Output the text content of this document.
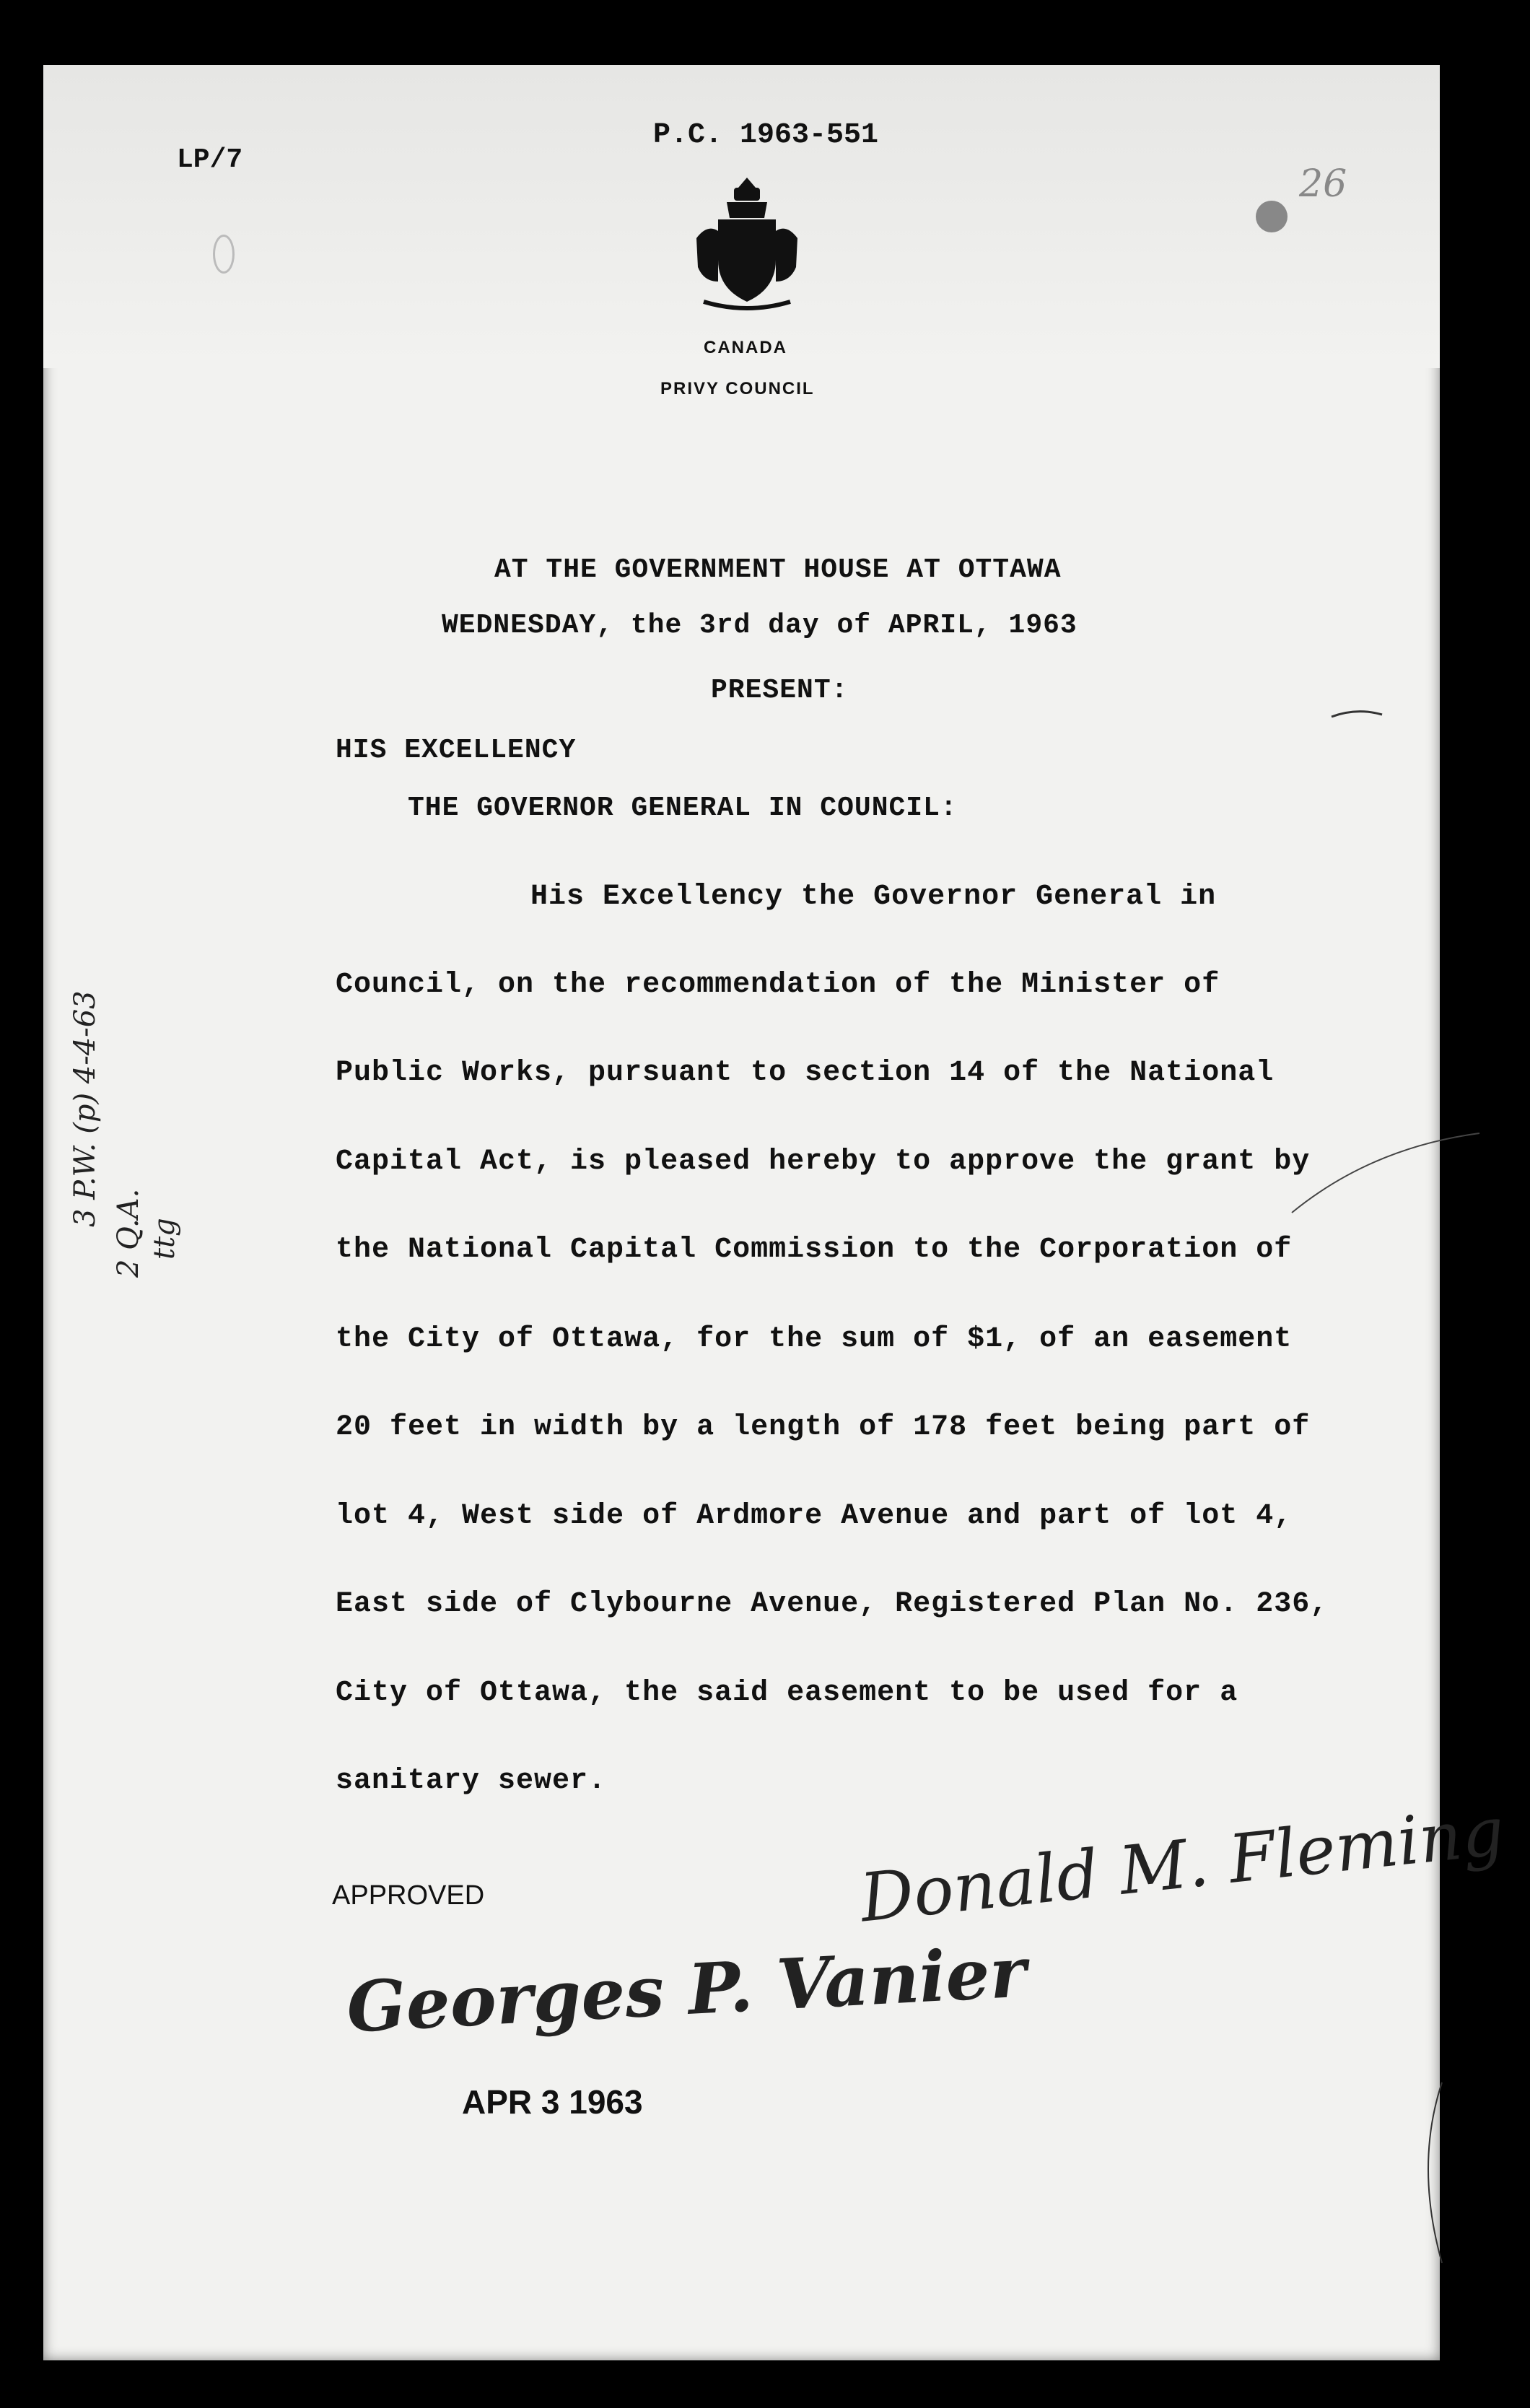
LP/7
P.C. 1963-551
26
CANADA
PRIVY COUNCIL
AT THE GOVERNMENT HOUSE AT OTTAWA
WEDNESDAY, the 3rd day of APRIL, 1963
PRESENT:
HIS EXCELLENCY
THE GOVERNOR GENERAL IN COUNCIL:
His Excellency the Governor General in
Council, on the recommendation of the Minister of
Public Works, pursuant to section 14 of the National
Capital Act, is pleased hereby to approve the grant by
the National Capital Commission to the Corporation of
the City of Ottawa, for the sum of $1, of an easement
20 feet in width by a length of 178 feet being part of
lot 4, West side of Ardmore Avenue and part of lot 4,
East side of Clybourne Avenue, Registered Plan No. 236,
City of Ottawa, the said easement to be used for a
sanitary sewer.
3 P.W. (p) 4-4-63
2 Q.A. ttg
Donald M. Fleming
APPROVED
Georges P. Vanier
APR 3 1963
